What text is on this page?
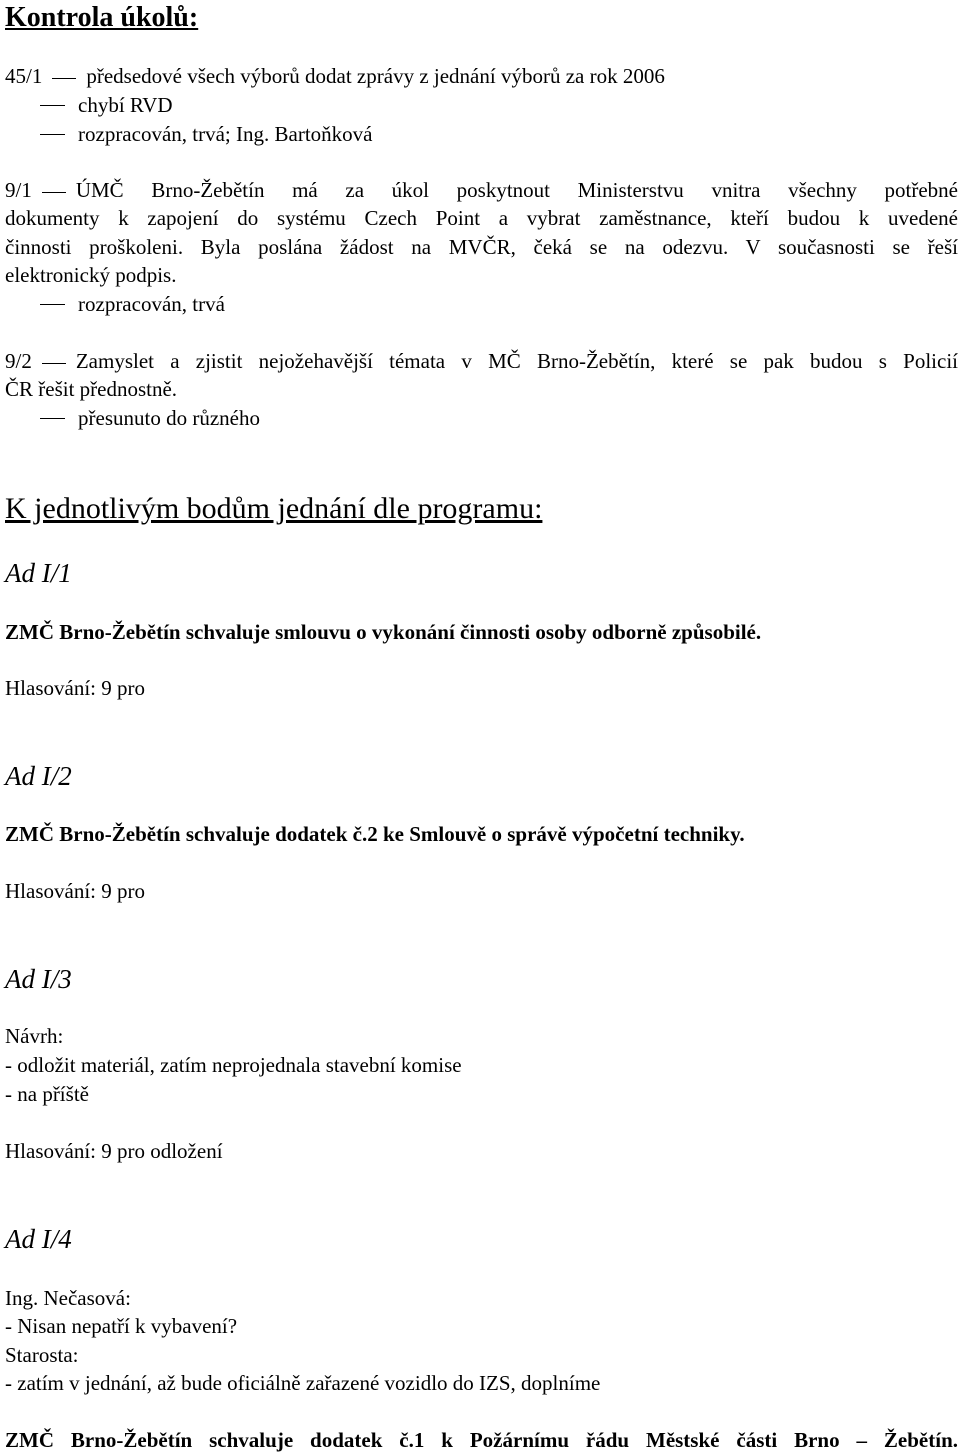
Kontrola úkolů:
45/1 předsedové všech výborů dodat zprávy z jednání výborů za rok 2006
chybí RVD
rozpracován, trvá; Ing. Bartoňková
9/1 ÚMČ Brno-Žebětín má za úkol poskytnout Ministerstvu vnitra všechny potřebné
dokumenty k zapojení do systému Czech Point a vybrat zaměstnance, kteří budou k uvedené
činnosti proškoleni. Byla poslána žádost na MVČR, čeká se na odezvu. V současnosti se řeší
elektronický podpis.
rozpracován, trvá
9/2 Zamyslet a zjistit nejožehavější témata v MČ Brno-Žebětín, které se pak budou s Policií
ČR řešit přednostně.
přesunuto do různého
K jednotlivým bodům jednání dle programu:
Ad I/1
ZMČ Brno-Žebětín schvaluje smlouvu o vykonání činnosti osoby odborně způsobilé.
Hlasování: 9 pro
Ad I/2
ZMČ Brno-Žebětín schvaluje dodatek č.2 ke Smlouvě o správě výpočetní techniky.
Hlasování: 9 pro
Ad I/3
Návrh:
- odložit materiál, zatím neprojednala stavební komise
- na příště
Hlasování: 9 pro odložení
Ad I/4
Ing. Nečasová:
- Nisan nepatří k vybavení?
Starosta:
- zatím v jednání, až bude oficiálně zařazené vozidlo do IZS, doplníme
ZMČ Brno-Žebětín schvaluje dodatek č.1 k Požárnímu řádu Městské části Brno – Žebětín.
